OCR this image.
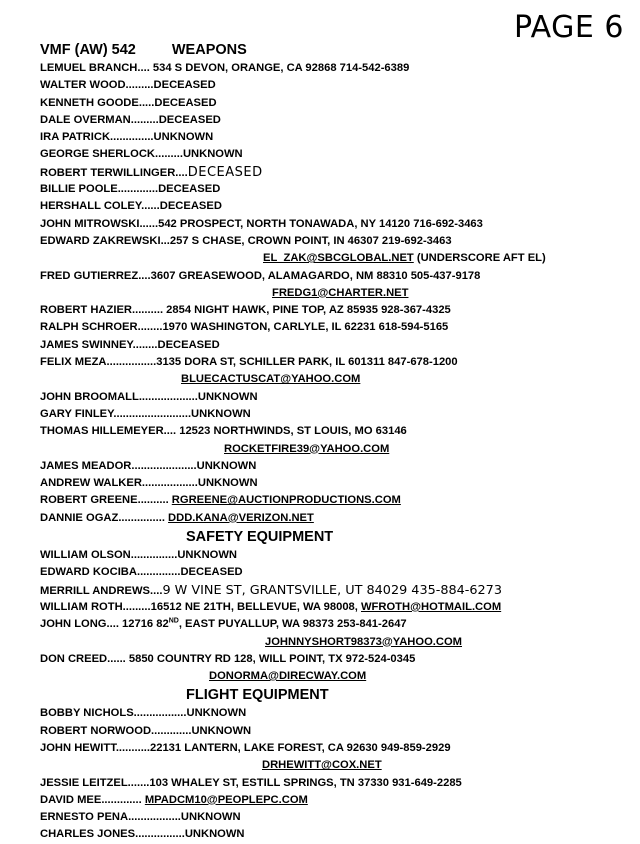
PAGE 6
VMF (AW) 542 WEAPONS
LEMUEL BRANCH.... 534 S DEVON, ORANGE, CA 92868 714-542-6389
WALTER WOOD.........DECEASED
KENNETH GOODE.....DECEASED
DALE OVERMAN.........DECEASED
IRA PATRICK..............UNKNOWN
GEORGE SHERLOCK.........UNKNOWN
ROBERT TERWILLINGER....DECEASED
BILLIE POOLE.............DECEASED
HERSHALL COLEY......DECEASED
JOHN MITROWSKI......542 PROSPECT, NORTH TONAWADA, NY 14120 716-692-3463
EDWARD ZAKREWSKI...257 S CHASE, CROWN POINT, IN 46307 219-692-3463
EL_ZAK@SBCGLOBAL.NET (UNDERSCORE AFT EL)
FRED GUTIERREZ....3607 GREASEWOOD, ALAMAGARDO, NM 88310 505-437-9178
FREDG1@CHARTER.NET
ROBERT HAZIER.......... 2854 NIGHT HAWK, PINE TOP, AZ 85935 928-367-4325
RALPH SCHROER........1970 WASHINGTON, CARLYLE, IL 62231 618-594-5165
JAMES SWINNEY........DECEASED
FELIX MEZA................3135 DORA ST, SCHILLER PARK, IL 601311 847-678-1200
BLUECACTUSCAT@YAHOO.COM
JOHN BROOMALL...................UNKNOWN
GARY FINLEY.........................UNKNOWN
THOMAS HILLEMEYER.... 12523 NORTHWINDS, ST LOUIS, MO 63146
ROCKETFIRE39@YAHOO.COM
JAMES MEADOR.....................UNKNOWN
ANDREW WALKER..................UNKNOWN
ROBERT GREENE.......... RGREENE@AUCTIONPRODUCTIONS.COM
DANNIE OGAZ............... DDD.KANA@VERIZON.NET
SAFETY EQUIPMENT
WILLIAM OLSON...............UNKNOWN
EDWARD KOCIBA..............DECEASED
MERRILL ANDREWS....9 W VINE ST, GRANTSVILLE, UT 84029 435-884-6273
WILLIAM ROTH.........16512 NE 21TH, BELLEVUE, WA 98008, WFROTH@HOTMAIL.COM
JOHN LONG.... 12716 82ND, EAST PUYALLUP, WA 98373 253-841-2647
JOHNNYSHORT98373@YAHOO.COM
DON CREED...... 5850 COUNTRY RD 128, WILL POINT, TX 972-524-0345
DONORMA@DIRECWAY.COM
FLIGHT EQUIPMENT
BOBBY NICHOLS.................UNKNOWN
ROBERT NORWOOD.............UNKNOWN
JOHN HEWITT...........22131 LANTERN, LAKE FOREST, CA 92630 949-859-2929
DRHEWITT@COX.NET
JESSIE LEITZEL.......103 WHALEY ST, ESTILL SPRINGS, TN 37330 931-649-2285
DAVID MEE............. MPADCM10@PEOPLEPC.COM
ERNESTO PENA.................UNKNOWN
CHARLES JONES................UNKNOWN
